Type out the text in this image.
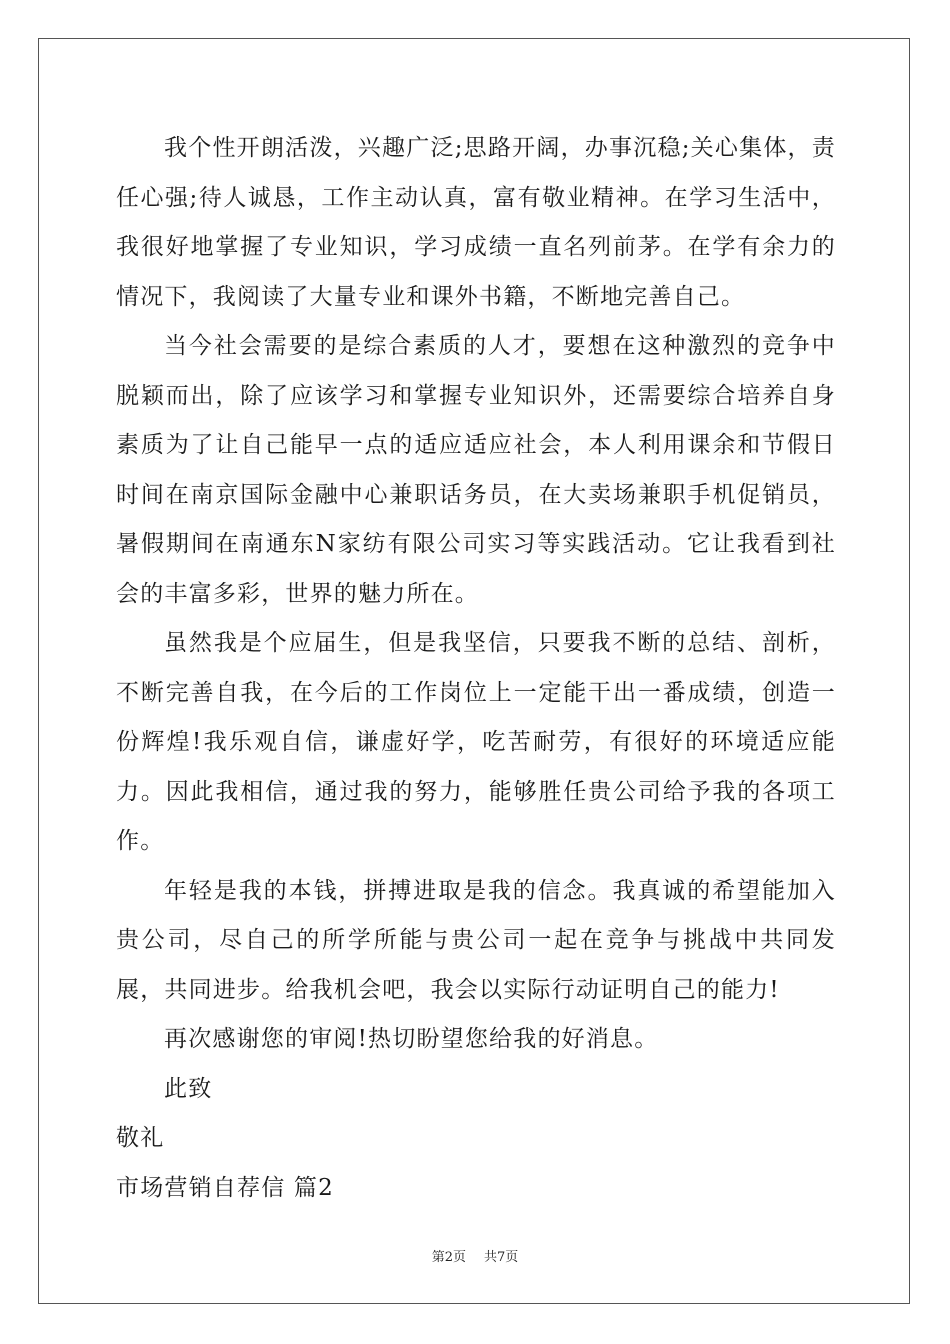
我个性开朗活泼，兴趣广泛;思路开阔，办事沉稳;关心集体，责任心强;待人诚恳，工作主动认真，富有敬业精神。在学习生活中，我很好地掌握了专业知识，学习成绩一直名列前茅。在学有余力的情况下，我阅读了大量专业和课外书籍，不断地完善自己。

当今社会需要的是综合素质的人才，要想在这种激烈的竞争中脱颖而出，除了应该学习和掌握专业知识外，还需要综合培养自身素质为了让自己能早一点的适应适应社会，本人利用课余和节假日时间在南京国际金融中心兼职话务员，在大卖场兼职手机促销员，暑假期间在南通东N家纺有限公司实习等实践活动。它让我看到社会的丰富多彩，世界的魅力所在。

虽然我是个应届生，但是我坚信，只要我不断的总结、剖析，不断完善自我，在今后的工作岗位上一定能干出一番成绩，创造一份辉煌!我乐观自信，谦虚好学，吃苦耐劳，有很好的环境适应能力。因此我相信，通过我的努力，能够胜任贵公司给予我的各项工作。

年轻是我的本钱，拼搏进取是我的信念。我真诚的希望能加入贵公司，尽自己的所学所能与贵公司一起在竞争与挑战中共同发展，共同进步。给我机会吧，我会以实际行动证明自己的能力!

再次感谢您的审阅!热切盼望您给我的好消息。

此致

敬礼

市场营销自荐信 篇2

第2页 共7页
